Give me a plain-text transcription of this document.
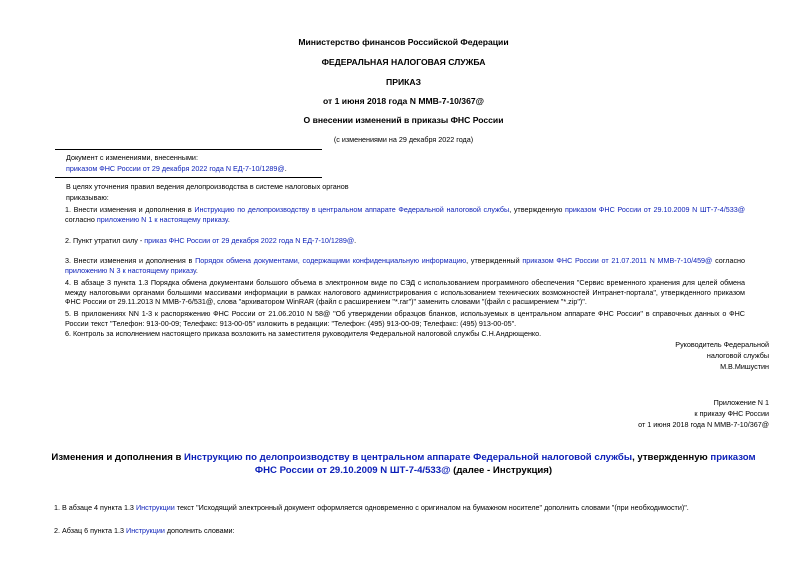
Министерство финансов Российской Федерации
ФЕДЕРАЛЬНАЯ НАЛОГОВАЯ СЛУЖБА
ПРИКАЗ
от 1 июня 2018 года N ММВ-7-10/367@
О внесении изменений в приказы ФНС России
(с изменениями на 29 декабря 2022 года)
Документ с изменениями, внесенными:
приказом ФНС России от 29 декабря 2022 года N ЕД-7-10/1289@.
В целях уточнения правил ведения делопроизводства в системе налоговых органов
приказываю:

1. Внести изменения и дополнения в Инструкцию по делопроизводству в центральном аппарате Федеральной налоговой службы, утвержденную приказом ФНС России от 29.10.2009 N ШТ-7-4/533@ согласно приложению N 1 к настоящему приказу.

2. Пункт утратил силу - приказ ФНС России от 29 декабря 2022 года N ЕД-7-10/1289@.

3. Внести изменения и дополнения в Порядок обмена документами, содержащими конфиденциальную информацию, утвержденный приказом ФНС России от 21.07.2011 N ММВ-7-10/459@ согласно приложению N 3 к настоящему приказу.

4. В абзаце 3 пункта 1.3 Порядка обмена документами большого объема в электронном виде по СЭД с использованием программного обеспечения "Сервис временного хранения для целей обмена между налоговыми органами большими массивами информации в рамках налогового администрирования с использованием технических возможностей Интранет-портала", утвержденного приказом ФНС России от 29.11.2013 N ММВ-7-6/531@, слова "архиватором WinRAR (файл с расширением "*.rar")" заменить словами "(файл с расширением "*.zip")".
5. В приложениях NN 1-3 к распоряжению ФНС России от 21.06.2010 N 58@ "Об утверждении образцов бланков, используемых в центральном аппарате ФНС России" в справочных данных о ФНС России текст "Телефон: 913-00-09; Телефакс: 913-00-05" изложить в редакции: "Телефон: (495) 913-00-09; Телефакс: (495) 913-00-05".
6. Контроль за исполнением настоящего приказа возложить на заместителя руководителя Федеральной налоговой службы С.Н.Андрющенко.
Руководитель Федеральной
налоговой службы
М.В.Мишустин
Приложение N 1
к приказу ФНС России
от 1 июня 2018 года N ММВ-7-10/367@
Изменения и дополнения в Инструкцию по делопроизводству в центральном аппарате Федеральной налоговой службы, утвержденную приказом ФНС России от 29.10.2009 N ШТ-7-4/533@ (далее - Инструкция)
1. В абзаце 4 пункта 1.3 Инструкции текст "Исходящий электронный документ оформляется одновременно с оригиналом на бумажном носителе" дополнить словами "(при необходимости)".
2. Абзац 6 пункта 1.3 Инструкции дополнить словами:
